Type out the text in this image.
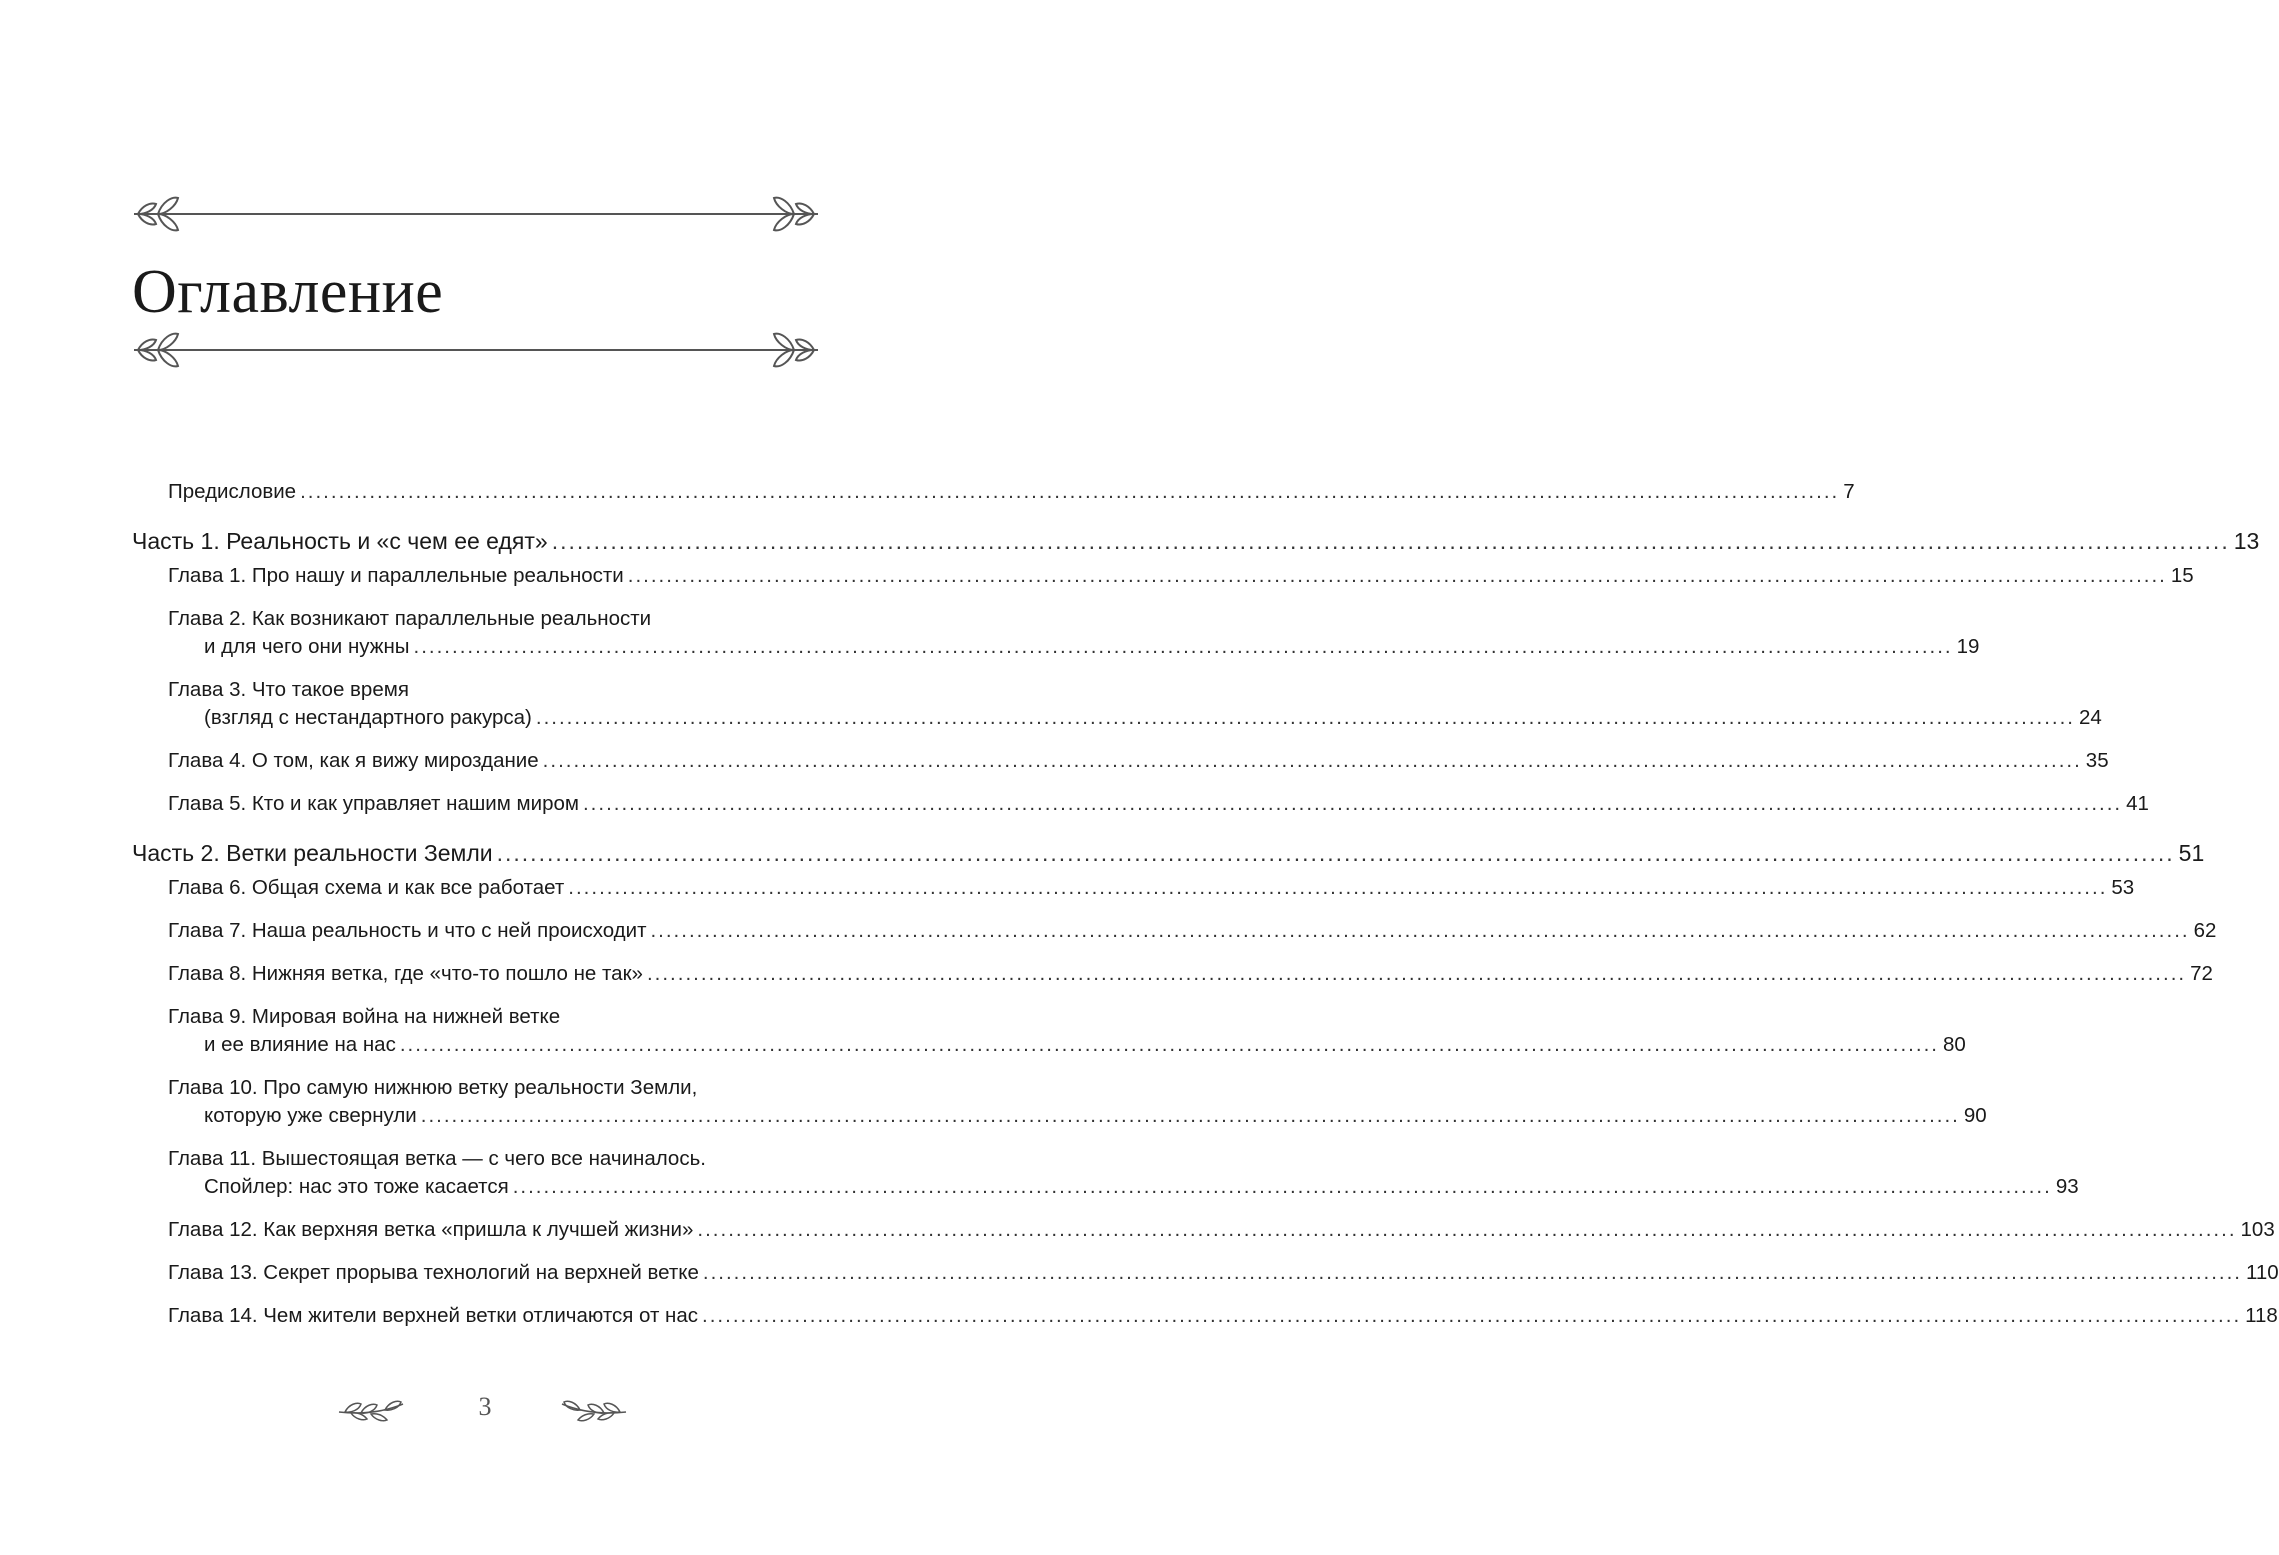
Оглавление
Предисловие ........................................................................................................................................................................................................ 7
Часть 1. Реальность и «с чем ее едят» ........................................................................................................................................................................................................ 13
Глава 1. Про нашу и параллельные реальности ........................................................................................................................................................................................................ 15
Глава 2. Как возникают параллельные реальности
и для чего они нужны ........................................................................................................................................................................................................ 19
Глава 3. Что такое время
(взгляд с нестандартного ракурса) ........................................................................................................................................................................................................ 24
Глава 4. О том, как я вижу мироздание ........................................................................................................................................................................................................ 35
Глава 5. Кто и как управляет нашим миром ........................................................................................................................................................................................................ 41
Часть 2. Ветки реальности Земли ........................................................................................................................................................................................................ 51
Глава 6. Общая схема и как все работает ........................................................................................................................................................................................................ 53
Глава 7. Наша реальность и что с ней происходит ........................................................................................................................................................................................................ 62
Глава 8. Нижняя ветка, где «что-то пошло не так» ........................................................................................................................................................................................................ 72
Глава 9. Мировая война на нижней ветке
и ее влияние на нас ........................................................................................................................................................................................................ 80
Глава 10. Про самую нижнюю ветку реальности Земли,
которую уже свернули ........................................................................................................................................................................................................ 90
Глава 11. Вышестоящая ветка — с чего все начиналось.
Спойлер: нас это тоже касается ........................................................................................................................................................................................................ 93
Глава 12. Как верхняя ветка «пришла к лучшей жизни» ........................................................................................................................................................................................................ 103
Глава 13. Секрет прорыва технологий на верхней ветке ........................................................................................................................................................................................................ 110
Глава 14. Чем жители верхней ветки отличаются от нас ........................................................................................................................................................................................................ 118
3
